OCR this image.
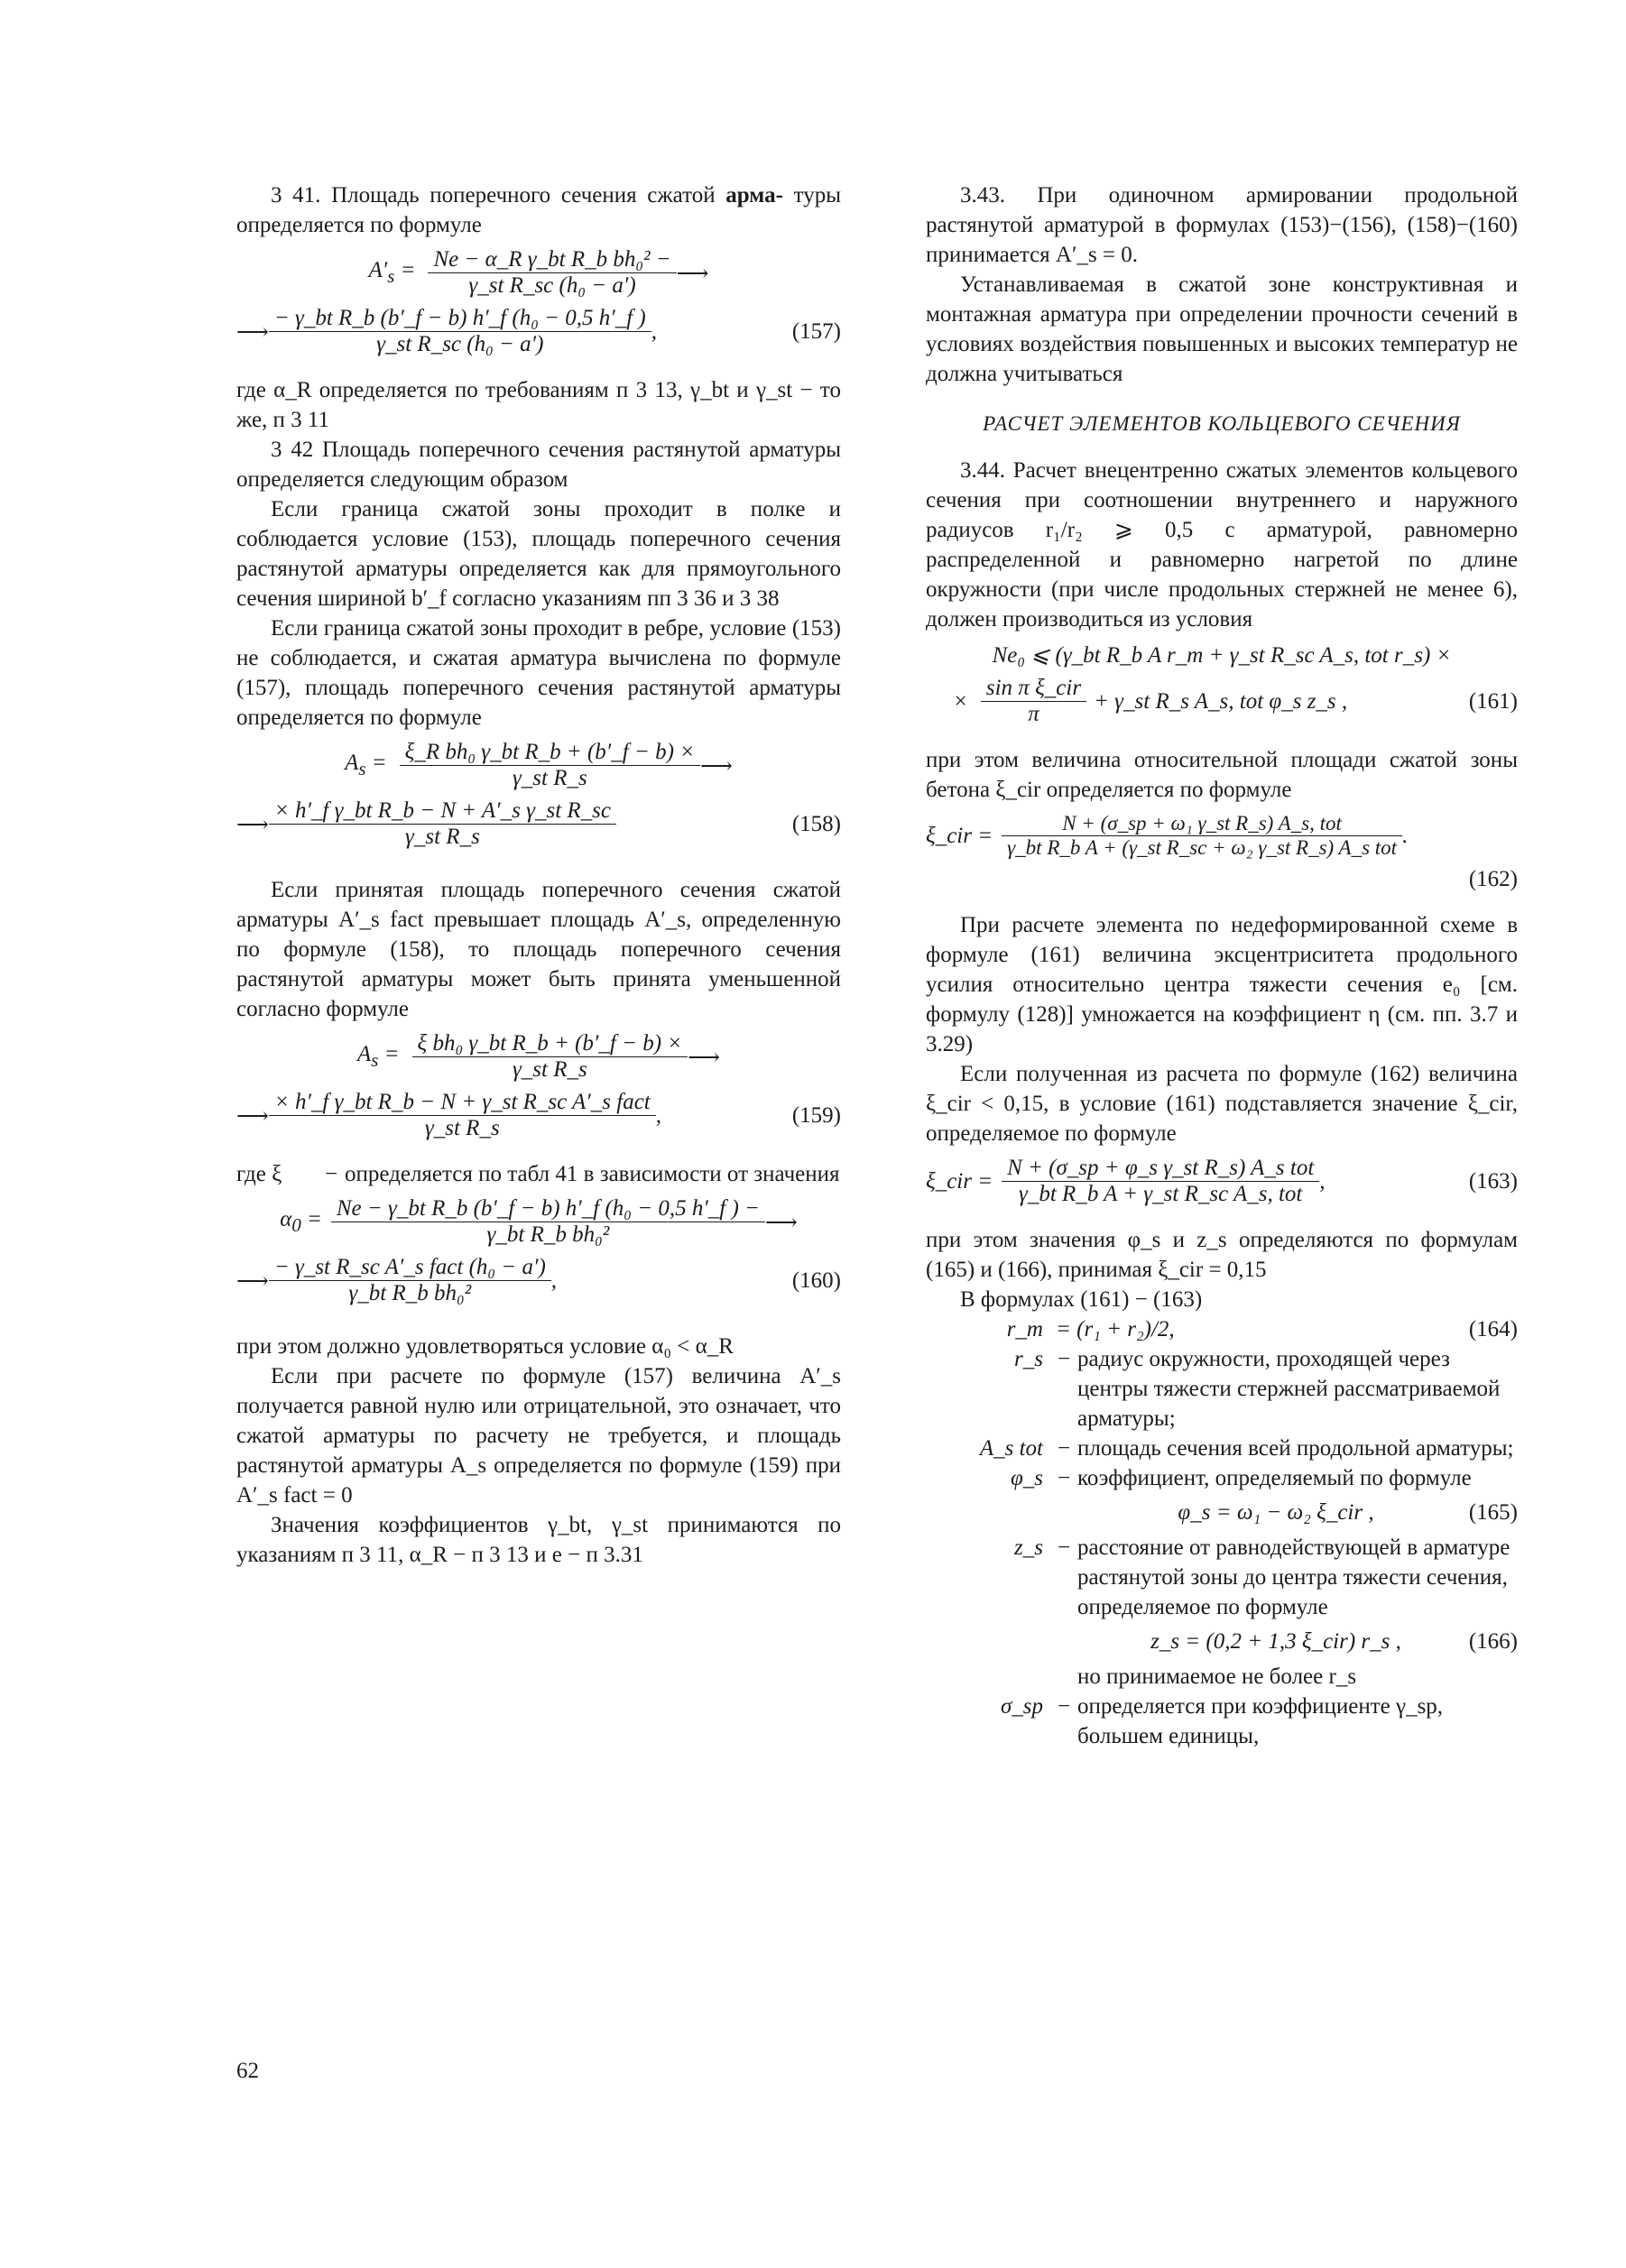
3 41. Площадь поперечного сечения сжатой арма- туры определяется по формуле

$A'_s = \frac{\text{Ne − α\_R γ\_bt R\_b bh₀² −}}{\text{γ\_st R\_sc (h₀ − a′)}}$ ⟶
⟶ $\frac{\text{− γ\_bt R\_b (b′\_f − b) h′\_f (h₀ − 0,5 h′\_f )}}{\text{γ\_st R\_sc (h₀ − a′)}}$ ,	(157)

где α_R определяется по требованиям п 3 13, γ_bt и γ_st − то же, п 3 11

3 42 Площадь поперечного сечения растянутой арматуры определяется следующим образом

Если граница сжатой зоны проходит в полке и соблюдается условие (153), площадь поперечного сечения растянутой арматуры определяется как для прямоугольного сечения шириной b′_f согласно указаниям пп 3 36 и 3 38

Если граница сжатой зоны проходит в ребре, условие (153) не соблюдается, и сжатая арматура вычислена по формуле (157), площадь поперечного сечения растянутой арматуры определяется по формуле

$A_s = \frac{\text{ξ\_R bh₀ γ\_bt R\_b + (b′\_f − b) ×}}{\text{γ\_st R\_s}}$ ⟶
⟶ $\frac{\text{× h′\_f γ\_bt R\_b − N + A′\_s γ\_st R\_sc}}{\text{γ\_st R\_s}}$	(158)

Если принятая площадь поперечного сечения сжатой арматуры A′_s fact превышает площадь A′_s, определенную по формуле (158), то площадь поперечного сечения растянутой арматуры может быть принята уменьшенной согласно формуле

$A_s = \frac{\text{ξ bh₀ γ\_bt R\_b + (b′\_f − b) ×}}{\text{γ\_st R\_s}}$ ⟶
⟶ $\frac{\text{× h′\_f γ\_bt R\_b − N + γ\_st R\_sc A′\_s fact}}{\text{γ\_st R\_s}}$ ,	(159)
где ξ	− определяется по табл 41 в зависимости от значения
$\alpha_0 = \frac{\text{Ne − γ\_bt R\_b (b′\_f − b) h′\_f (h₀ − 0,5 h′\_f ) −}}{\text{γ\_bt R\_b bh₀²}}$ ⟶
⟶ $\frac{\text{− γ\_st R\_sc A′\_s fact (h₀ − a′)}}{\text{γ\_bt R\_b bh₀²}}$ ,	(160)

при этом должно удовлетворяться условие α₀ < α_R

Если при расчете по формуле (157) величина A′_s получается равной нулю или отрицательной, это означает, что сжатой арматуры по расчету не требуется, и площадь растянутой арматуры A_s определяется по формуле (159) при A′_s fact = 0

Значения коэффициентов γ_bt, γ_st принимаются по указаниям п 3 11, α_R − п 3 13 и e − п 3.31

3.43. При одиночном армировании продольной растянутой арматурой в формулах (153)−(156), (158)−(160) принимается A′_s = 0.

Устанавливаемая в сжатой зоне конструктивная и монтажная арматура при определении прочности сечений в условиях воздействия повышенных и высоких температур не должна учитываться

РАСЧЕТ ЭЛЕМЕНТОВ КОЛЬЦЕВОГО СЕЧЕНИЯ

3.44. Расчет внецентренно сжатых элементов кольцевого сечения при соотношении внутреннего и наружного радиусов r₁/r₂ ⩾ 0,5 с арматурой, равномерно распределенной и равномерно нагретой по длине окружности (при числе продольных стержней не менее 6), должен производиться из условия

Ne₀ ⩽ (γ_bt R_b A r_m + γ_st R_sc A_s, tot r_s) ×
× $\frac{\text{sin π ξ\_cir}}{\pi}$ + γ_st R_s A_s, tot φ_s z_s ,	(161)

при этом величина относительной площади сжатой зоны бетона ξ_cir определяется по формуле

ξ_cir = $\frac{\text{N + (σ\_sp + ω₁ γ\_st R\_s) A\_s, tot}}{\text{γ\_bt R\_b A + (γ\_st R\_sc + ω₂ γ\_st R\_s) A\_s tot}}$ .
(162)

При расчете элемента по недеформированной схеме в формуле (161) величина эксцентриситета продольного усилия относительно центра тяжести сечения e₀ [см. формулу (128)] умножается на коэффициент η (см. пп. 3.7 и 3.29)

Если полученная из расчета по формуле (162) величина ξ_cir < 0,15, в условие (161) подставляется значение ξ_cir, определяемое по формуле

ξ_cir = $\frac{\text{N + (σ\_sp + φ\_s γ\_st R\_s) A\_s tot}}{\text{γ\_bt R\_b A + γ\_st R\_sc A\_s, tot}}$ ,	(163)

при этом значения φ_s и z_s определяются по формулам (165) и (166), принимая ξ_cir = 0,15

В формулах (161) − (163)

r_m = (r₁ + r₂)/2,	(164)
r_s − радиус окружности, проходящей через центры тяжести стержней рассматриваемой арматуры;
A_s tot − площадь сечения всей продольной арматуры;
φ_s − коэффициент, определяемый по формуле
φ_s = ω₁ − ω₂ ξ_cir ,	(165)
z_s − расстояние от равнодействующей в арматуре растянутой зоны до центра тяжести сечения, определяемое по формуле
z_s = (0,2 + 1,3 ξ_cir) r_s ,	(166)
но принимаемое не более r_s
σ_sp − определяется при коэффициенте γ_sp, большем единицы,
62
